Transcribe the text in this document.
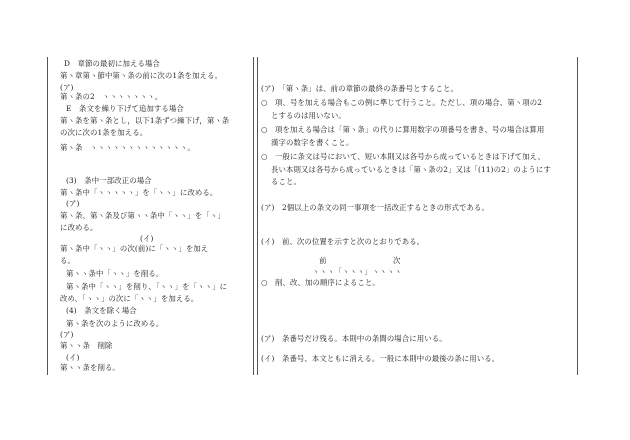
D　章節の最初に加える場合
第ヽ章第ヽ節中第ヽ条の前に次の1条を加える。
(ア)
第ヽ条の2　ヽヽヽヽヽヽヽ。
E　条文を繰り下げて追加する場合
第ヽ条を第ヽ条とし，以下1条ずつ繰下げ，第ヽ条
の次に次の1条を加える。
第ヽ条　ヽヽヽヽヽヽヽヽヽヽヽヽヽ。
(3)　条中一部改正の場合
第ヽ条中「ヽヽヽヽヽ」を「ヽヽ」に改める。
(ア)
第ヽ条、第ヽ条及び第ヽヽ条中「ヽヽ」を「ヽ」
に改める。
(イ)
第ヽ条中「ヽヽ」の次(前)に「ヽヽ」を加え
る。
第ヽヽ条中「ヽヽ」を削る。
第ヽ条中「ヽヽ」を削り、「ヽヽ」を「ヽヽ」に
改め、「ヽヽ」の次に「ヽヽ」を加える。
(4)　条文を除く場合
第ヽ条を次のように改める。
(ア)
第ヽヽ条　削除
(イ)
第ヽヽ条を削る。
(ア)　「第ヽ条」は、前の章節の最終の条番号とすること。
○　項、号を加える場合もこの例に準じて行うこと。ただし、項の場合、第ヽ項の2
とするのは用いない。
○　項を加える場合は「第ヽ条」の代りに算用数字の項番号を書き、号の場合は算用
漢字の数字を書くこと。
○　一般に条文は号において、短い本則又は各号から成っているときは下げて加え、
長い本則又は各号から成っているときは「第ヽ条の2」又は「(11)の2」のようにす
ること。
(ア)　2個以上の条文の同一事項を一括改正するときの形式である。
(イ)　前、次の位置を示すと次のとおりである。
前	次
ヽヽヽ「ヽヽヽ」ヽヽヽヽ
○　削、改、加の順序によること。
(ア)　条番号だけ残る。本則中の条間の場合に用いる。
(イ)　条番号、本文ともに消える。一般に本則中の最後の条に用いる。
